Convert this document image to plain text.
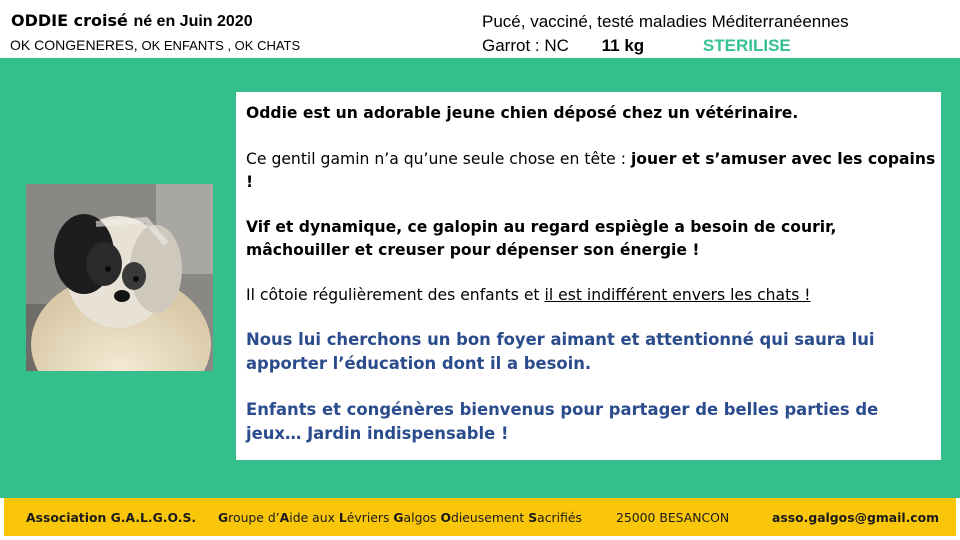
ODDIE croisé né en Juin 2020
OK CONGENERES, OK ENFANTS , OK CHATS
Pucé, vacciné, testé maladies Méditerranéennes
Garrot : NC 11 kg	STERILISE
Oddie est un adorable jeune chien déposé chez un vétérinaire.
Ce gentil gamin n’a qu’une seule chose en tête : jouer et s’amuser avec les copains !
Vif et dynamique, ce galopin au regard espiègle a besoin de courir, mâchouiller et creuser pour dépenser son énergie !
Il côtoie régulièrement des enfants et il est indifférent envers les chats !
Nous lui cherchons un bon foyer aimant et attentionné qui saura lui apporter l’éducation dont il a besoin.
Enfants et congénères bienvenus pour partager de belles parties de jeux… Jardin indispensable !
Association G.A.L.G.O.S. Groupe d’Aide aux Lévriers Galgos Odieusement Sacrifiés	25000 BESANCON	asso.galgos@gmail.com
